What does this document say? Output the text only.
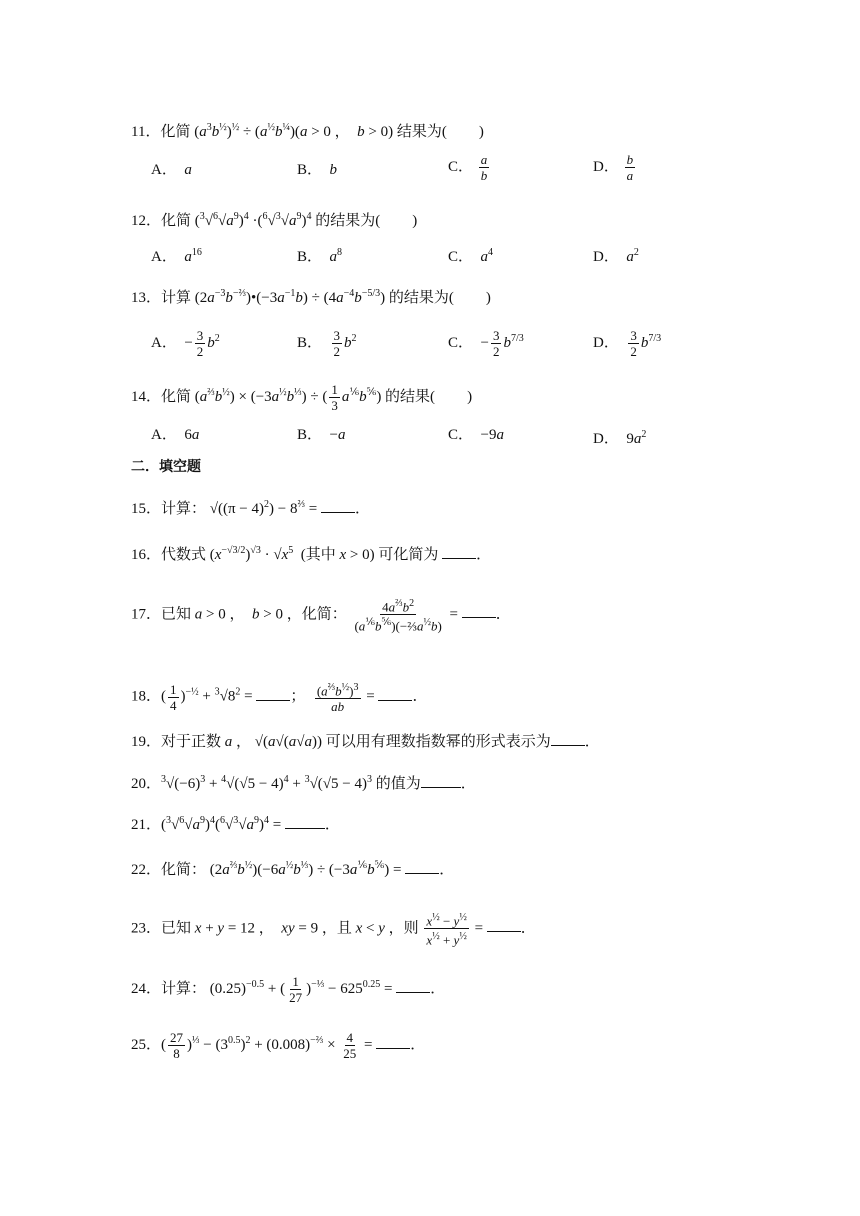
11．化简 $(a^3b^{\frac{1}{2}})^{\frac{1}{2}} \div (a^{\frac{1}{2}}b^{\frac{1}{4}})(a > 0$ ，  b > 0) 结果为( )
A．  a	B．  b	C． $\frac{a}{b}$	D． $\frac{b}{a}$
12．化简 $(^3√^6√a^9)^4 \cdot(^6√^3√a^9)^4$ 的结果为( )
A．  $a^{16}$	B．  $a^8$	C．  $a^4$	D．  $a^2$
13．计算 $(2a^{-3}b^{-\frac{2}{3}})•(-3a^{-1}b) \div (4a^{-4}b^{-5/3})$ 的结果为( )
A．  − $\frac{3}{2} b^2$	B． $\frac{3}{2} b^2$	C．  − $\frac{3}{2} b^{7/3}$	D． $\frac{3}{2} b^{7/3}$
14．化简 $(a^{\frac{2}{3}}b^{\frac{1}{2}}) \times (-3a^{\frac{1}{2}}b^{\frac{1}{3}})$ ÷ ( $\frac{1}{3} a^{\frac{1}{6}}b^{\frac{5}{6}}$) 的结果( )
A．  6a	B．  −a	C．  −9a	D．  $9a^2$
二．填空题
15．计算： $√((\pi - 4)^2) - 8^{\frac{2}{3}}$ = ．
16．代数式 $(x^{-√3/2})^{√3} \cdot √x^5$  (其中 x > 0) 可化简为 ．
17．已知 a > 0 ，  b > 0 ，化简： $\frac{4a^{\frac{2}{3}}b^2}{(a^{\frac{1}{6}}b^{\frac{5}{6}})(-\frac{2}{3}a^{\frac{1}{2}}b)}$ = ．
18．( $\frac{1}{4} )^{-\frac{1}{2}} + ^3√8^2$ = ； $\frac{(a^{\frac{2}{3}}b^{\frac{1}{2}})^3}{ab}$ = ．
19．对于正数 a ， √(a√(a√a)) 可以用有理数指数幂的形式表示为 ．
20．$^3√(-6)^3 + ^4√(√5 - 4)^4 + ^3√(√5 - 4)^3$ 的值为	．
21．$(^3√^6√a^9)^4(^6√^3√a^9)^4$ =	．
22．化简： $(2a^{\frac{2}{3}}b^{\frac{1}{2}})(-6a^{\frac{1}{2}}b^{\frac{1}{3}}) \div (-3a^{\frac{1}{6}}b^{\frac{5}{6}})$ = ．
23．已知 x + y = 12 ，  xy = 9 ，且 x < y ，则 $\frac{x^{\frac{1}{2}} - y^{\frac{1}{2}}}{x^{\frac{1}{2}} + y^{\frac{1}{2}}}$ = ．
24．计算： $(0.25)^{-0.5}$ + ( $\frac{1}{27} )^{-\frac{1}{3}} - 625^{0.25}$ = ．
25．( $\frac{27}{8} )^{\frac{1}{3}} - (3^{0.5})^2 + (0.008)^{-\frac{2}{3}} \times \frac{4}{25}$ = ．
